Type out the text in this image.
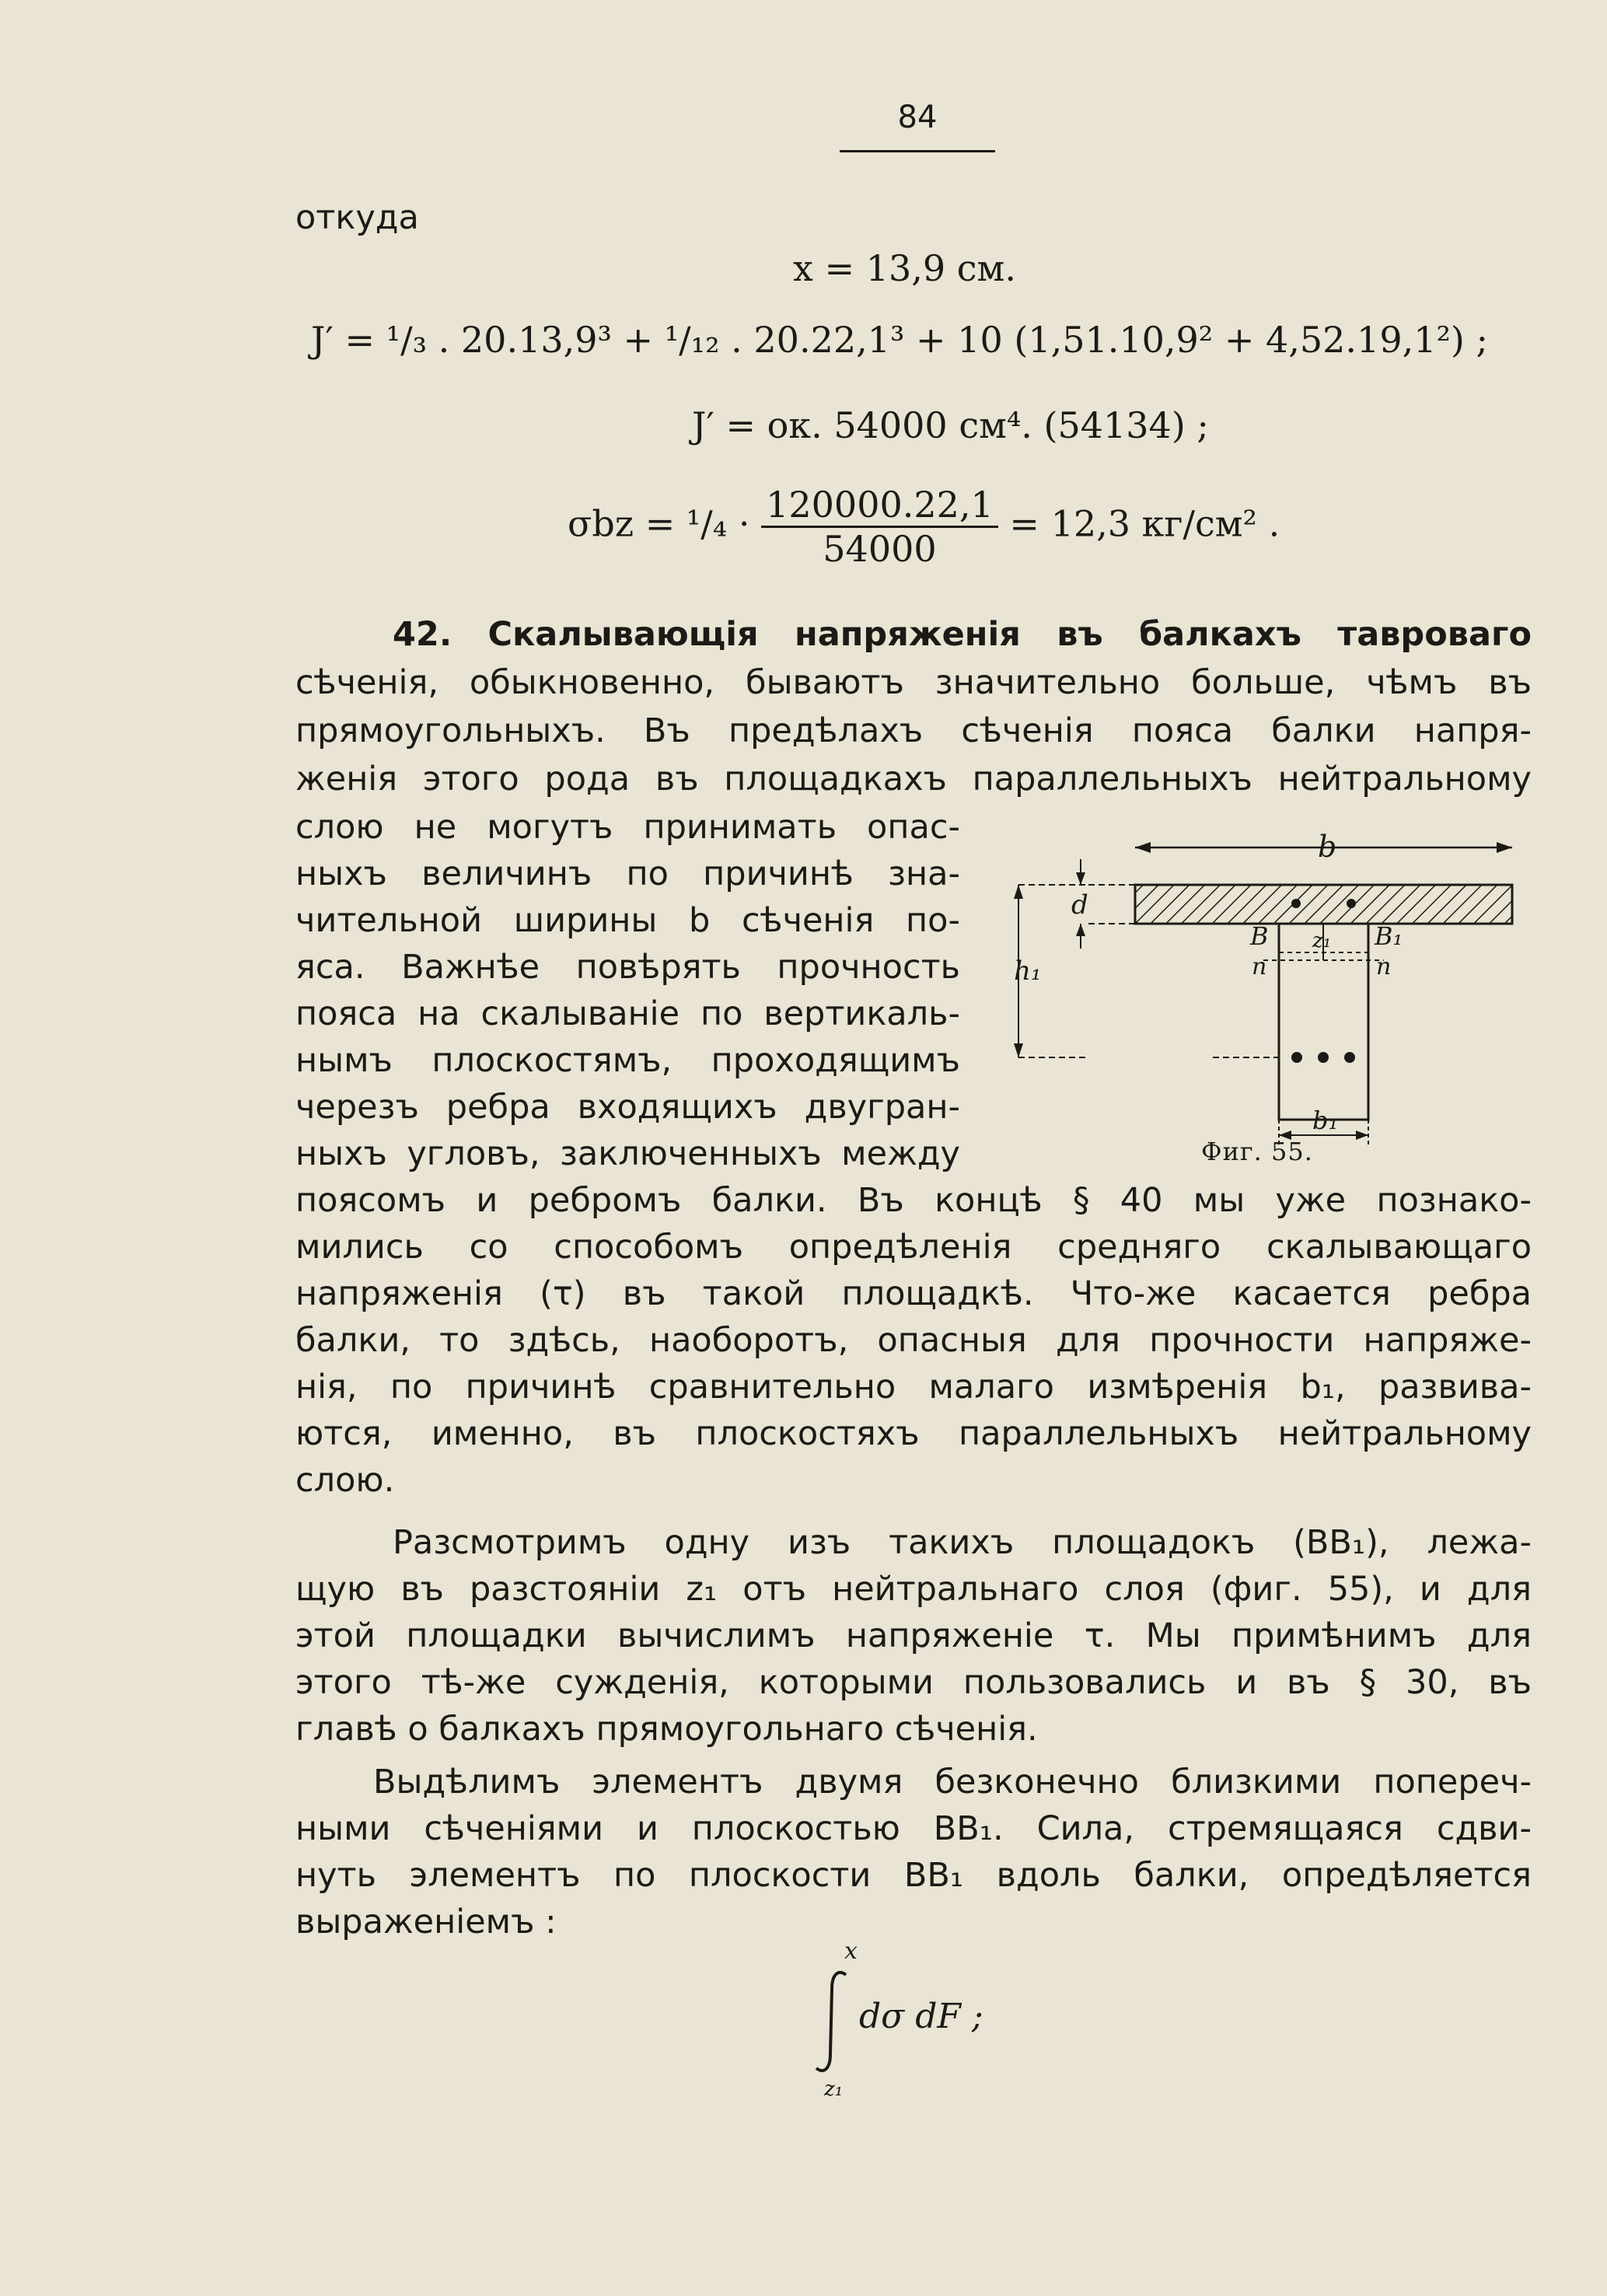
84
откуда
x = 13,9 см.
J′ = ¹/₃ . 20.13,9³ + ¹/₁₂ . 20.22,1³ + 10 (1,51.10,9² + 4,52.19,1²) ;
J′ = ок. 54000 см⁴. (54134) ;
$\sigma bz = ^1/_4 \cdot \frac{120000.22,1}{54000} = 12,3$ кг/см² .
42. Скалывающія напряженія въ балкахъ тавроваго
сѣченія, обыкновенно, бываютъ значительно больше, чѣмъ въ
прямоугольныхъ. Въ предѣлахъ сѣченія пояса балки напря-
женія этого рода въ площадкахъ параллельныхъ нейтральному
слою не могутъ принимать опас-
ныхъ величинъ по причинѣ зна-
чительной ширины b сѣченія по-
яса. Важнѣе повѣрять прочность
пояса на скалываніе по вертикаль-
нымъ плоскостямъ, проходящимъ
черезъ ребра входящихъ двугран-
ныхъ угловъ, заключенныхъ между
b
d
B	B₁
z₁
n	n
h₁
b₁
Фиг. 55.
поясомъ и ребромъ балки. Въ концѣ § 40 мы уже познако-
мились со способомъ опредѣленія средняго скалывающаго
напряженія (τ) въ такой площадкѣ. Что-же касается ребра
балки, то здѣсь, наоборотъ, опасныя для прочности напряже-
нія, по причинѣ сравнительно малаго измѣренія b₁, развива-
ются, именно, въ плоскостяхъ параллельныхъ нейтральному
слою.
Разсмотримъ одну изъ такихъ площадокъ (BB₁), лежа-
щую въ разстояніи z₁ отъ нейтральнаго слоя (фиг. 55), и для
этой площадки вычислимъ напряженіе τ. Мы примѣнимъ для
этого тѣ-же сужденія, которыми пользовались и въ § 30, въ
главѣ о балкахъ прямоугольнаго сѣченія.
Выдѣлимъ элементъ двумя безконечно близкими попереч-
ными сѣченіями и плоскостью BB₁. Сила, стремящаяся сдви-
нуть элементъ по плоскости BB₁ вдоль балки, опредѣляется
выраженіемъ :
x
dσ dF ;
z₁
